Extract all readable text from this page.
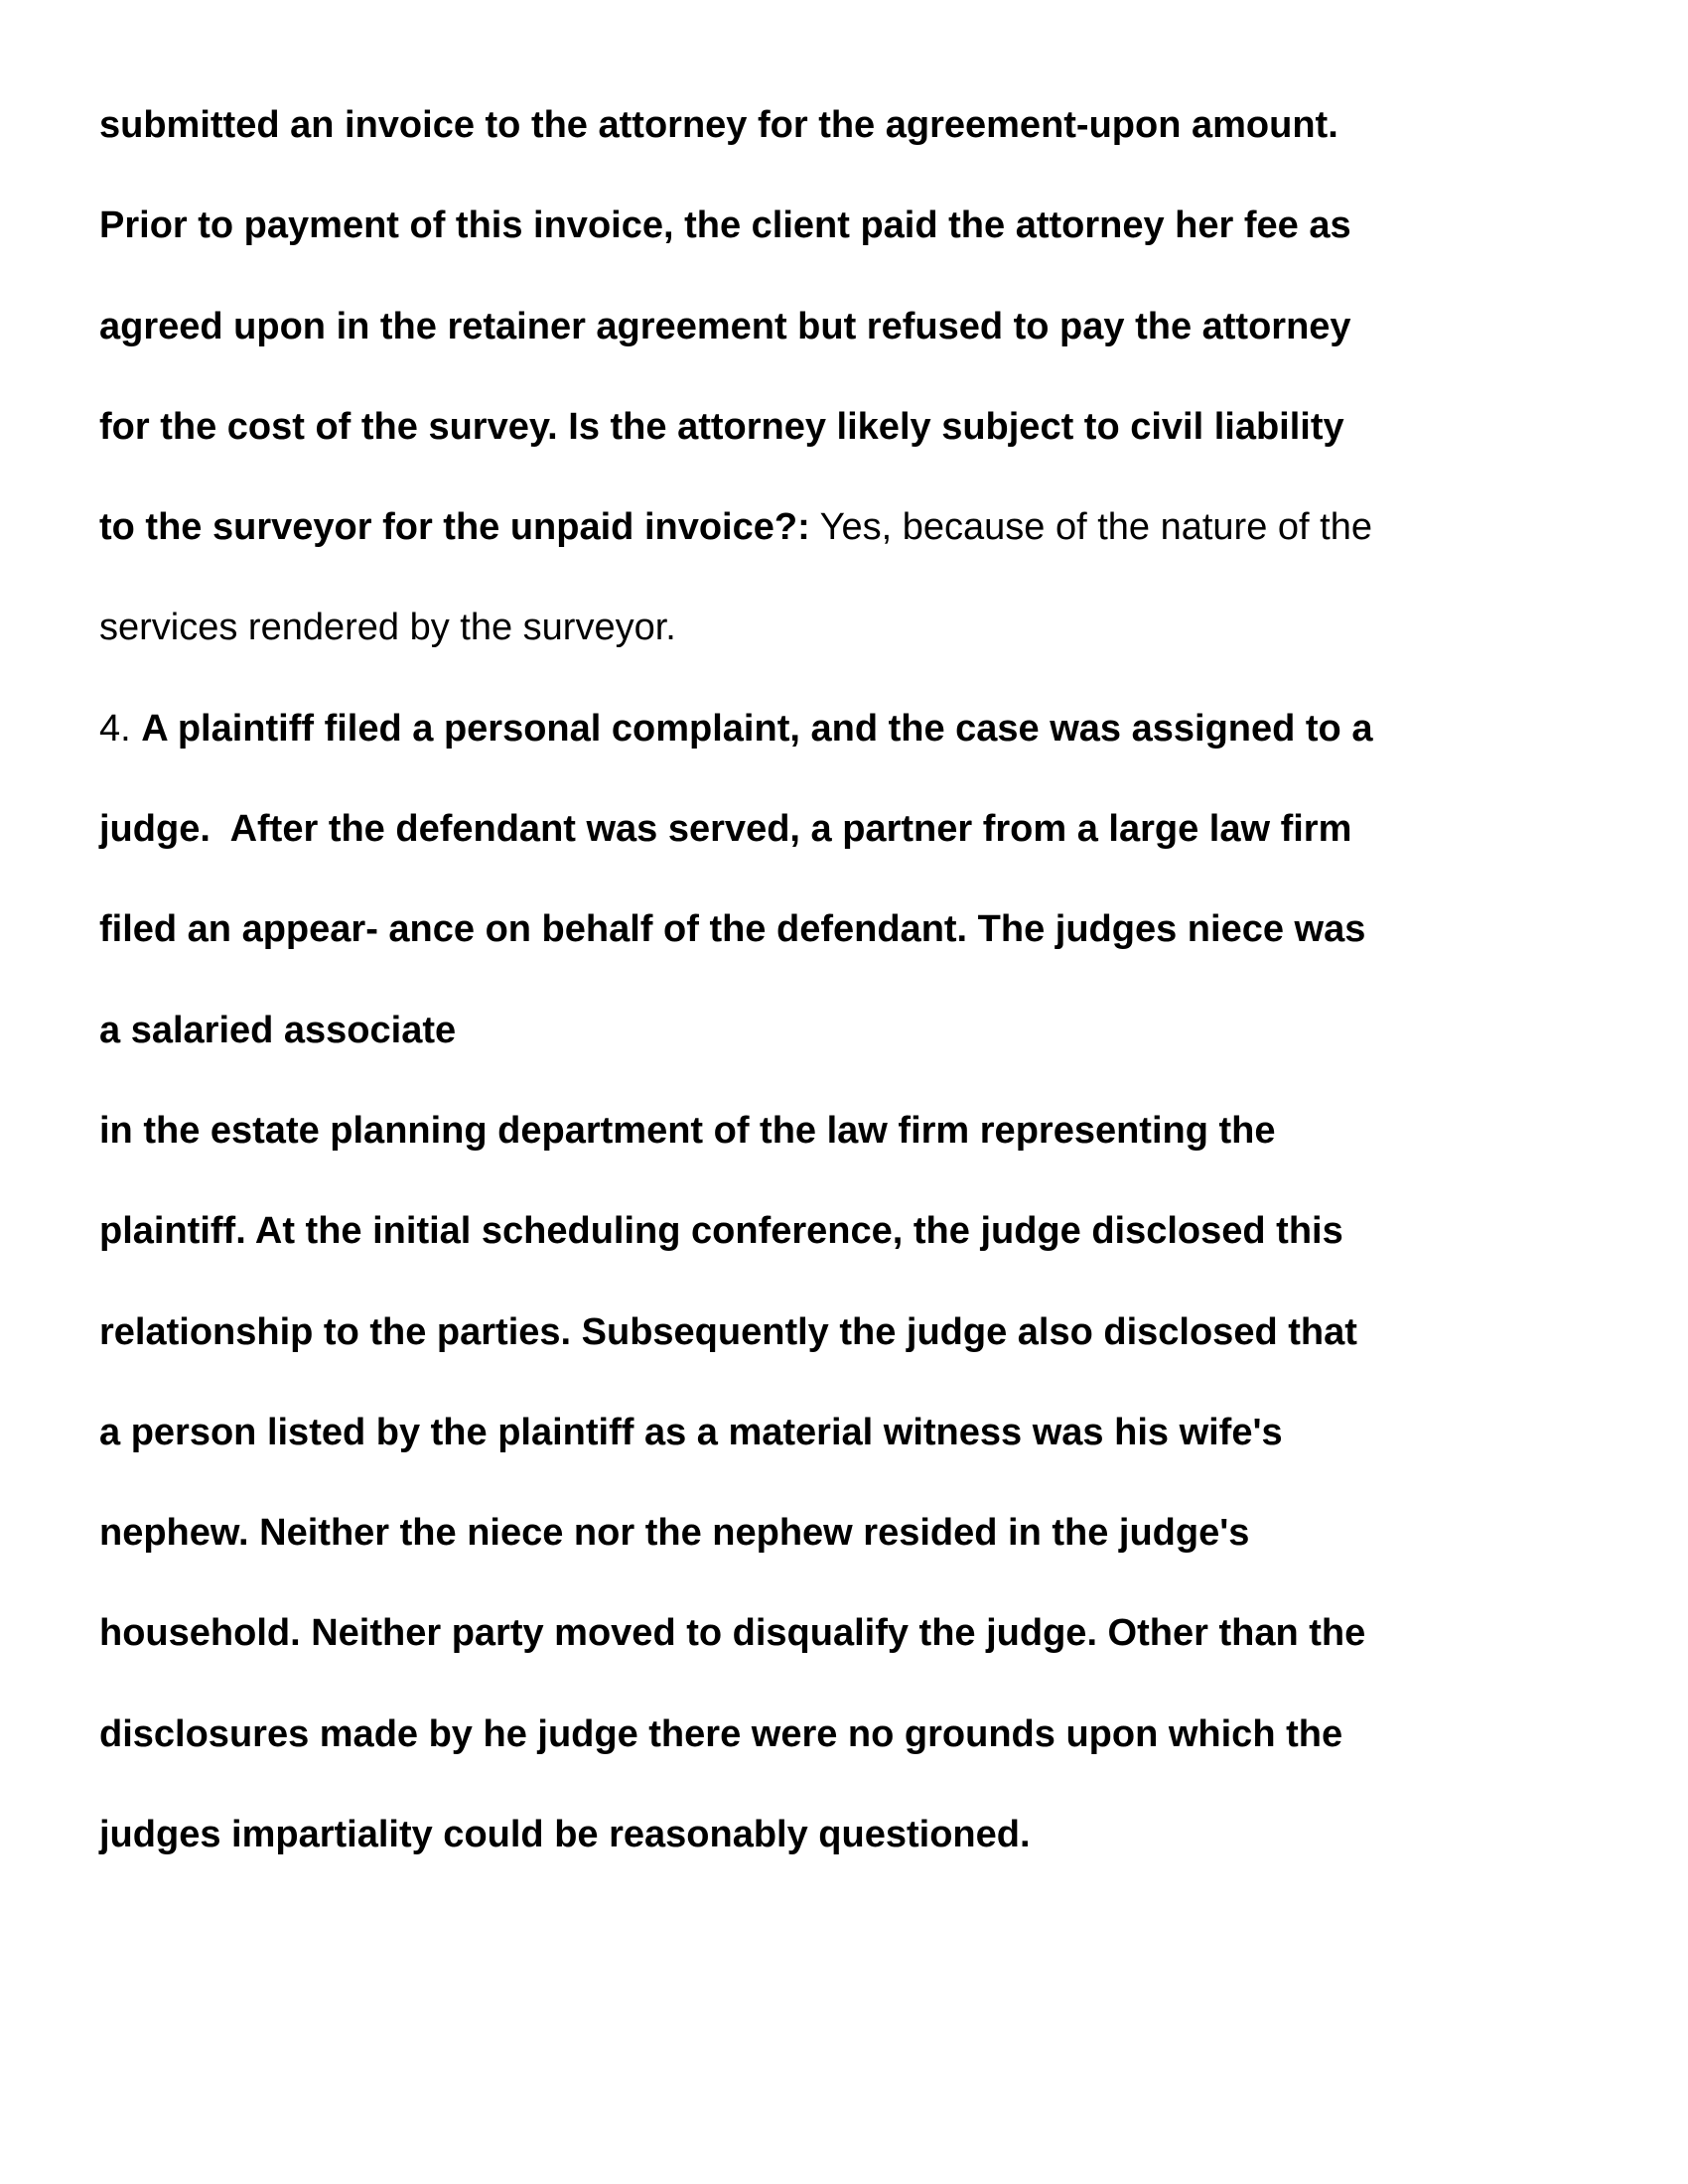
submitted an invoice to the attorney for the agreement-upon amount.
Prior to payment of this invoice, the client paid the attorney her fee as
agreed upon in the retainer agreement but refused to pay the attorney
for the cost of the survey. Is the attorney likely subject to civil liability
to the surveyor for the unpaid invoice?: Yes, because of the nature of the
services rendered by the surveyor.
4. A plaintiff filed a personal complaint, and the case was assigned to a
judge.  After the defendant was served, a partner from a large law firm
filed an appear- ance on behalf of the defendant. The judges niece was
a salaried associate
in the estate planning department of the law firm representing the
plaintiff. At the initial scheduling conference, the judge disclosed this
relationship to the parties. Subsequently the judge also disclosed that
a person listed by the plaintiff as a material witness was his wife's
nephew. Neither the niece nor the nephew resided in the judge's
household. Neither party moved to disqualify the judge. Other than the
disclosures made by he judge there were no grounds upon which the
judges impartiality could be reasonably questioned.
